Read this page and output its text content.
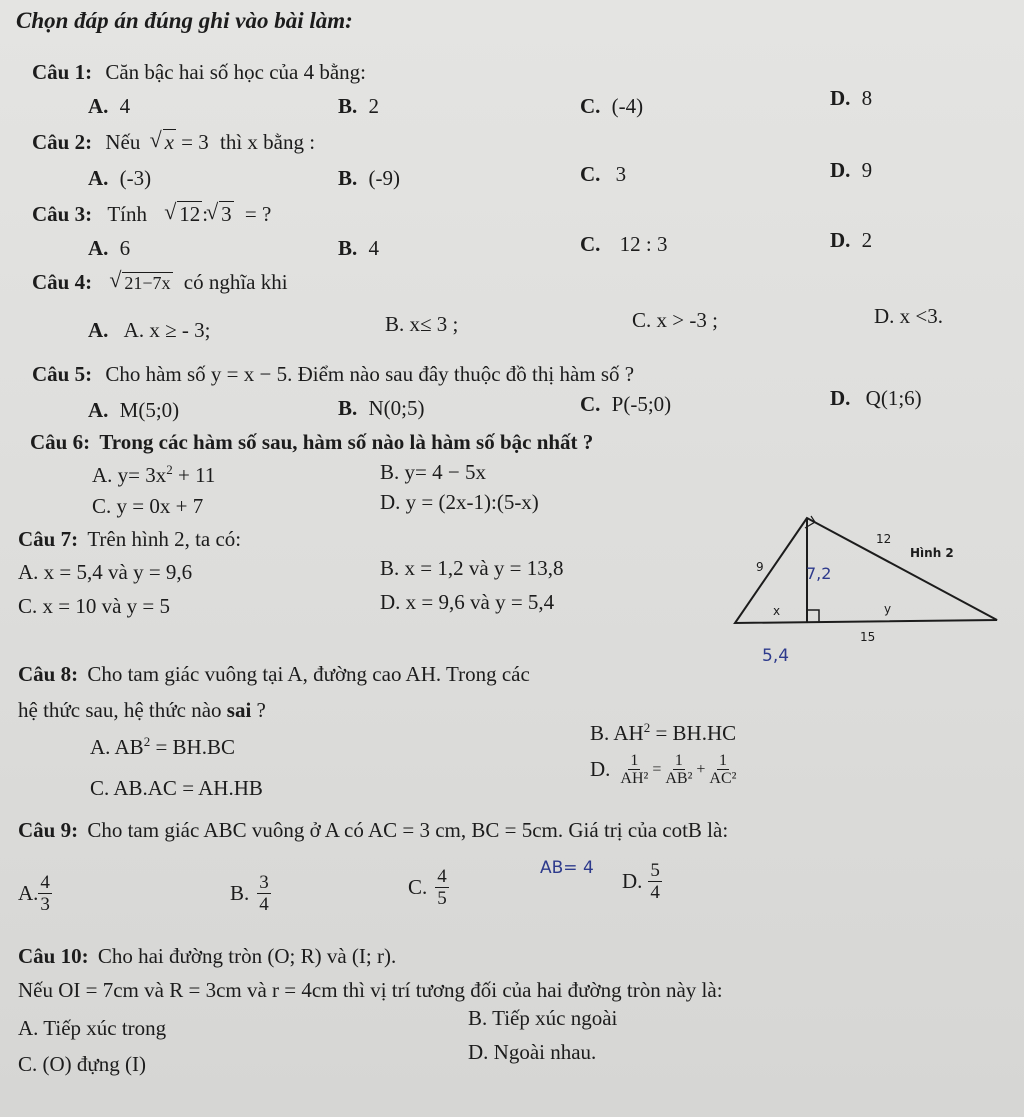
Chọn đáp án đúng ghi vào bài làm:
Câu 1: Căn bậc hai số học của 4 bằng:
A. 4	B. 2	C. (-4)	D. 8
Câu 2: Nếu √ x = 3 thì x bằng :
A. (-3)	B. (-9)	C. 3	D. 9
Câu 3: Tính √ 12: √ 3 = ?
A. 6	B. 4	C. 12 : 3	D. 2
Câu 4: √ 21−7x có nghĩa khi
A. A. x ≥ - 3;	B. x≤ 3 ;	C. x > -3 ;	D. x <3.
Câu 5: Cho hàm số y = x − 5. Điểm nào sau đây thuộc đồ thị hàm số ?
A. M(5;0)	B. N(0;5)	C. P(-5;0)	D. Q(1;6)
Câu 6: Trong các hàm số sau, hàm số nào là hàm số bậc nhất ?
A. $y= 3x^2 + 11$	B. y= 4 − 5x
C. y = 0x + 7	D. y = (2x-1):(5-x)
Câu 7: Trên hình 2, ta có:
A. x = 5,4 và y = 9,6	B. x = 1,2 và y = 13,8
C. x = 10 và y = 5	D. x = 9,6 và y = 5,4
12
Hình 2
9	7,2
x	y
15
5,4
Câu 8: Cho tam giác vuông tại A, đường cao AH. Trong các
hệ thức sau, hệ thức nào sai ?
A. $AB^2 = BH.BC$
B. $AH^2 = BH.HC$
C. AB.AC = AH.HB
D. $\frac{1}{\text{AH²}} = \frac{1}{\text{AB²}} + \frac{1}{\text{AC²}}$
Câu 9: Cho tam giác ABC vuông ở A có AC = 3 cm, BC = 5cm. Giá trị của cotB là:
A. $\frac{4}{3}$	B. $\frac{3}{4}$	C. $\frac{4}{5}$	AB= 4
D. $\frac{5}{4}$
Câu 10: Cho hai đường tròn (O; R) và (I; r).
Nếu OI = 7cm và R = 3cm và r = 4cm thì vị trí tương đối của hai đường tròn này là:
A. Tiếp xúc trong	B. Tiếp xúc ngoài
C. (O) đựng (I)	D. Ngoài nhau.
